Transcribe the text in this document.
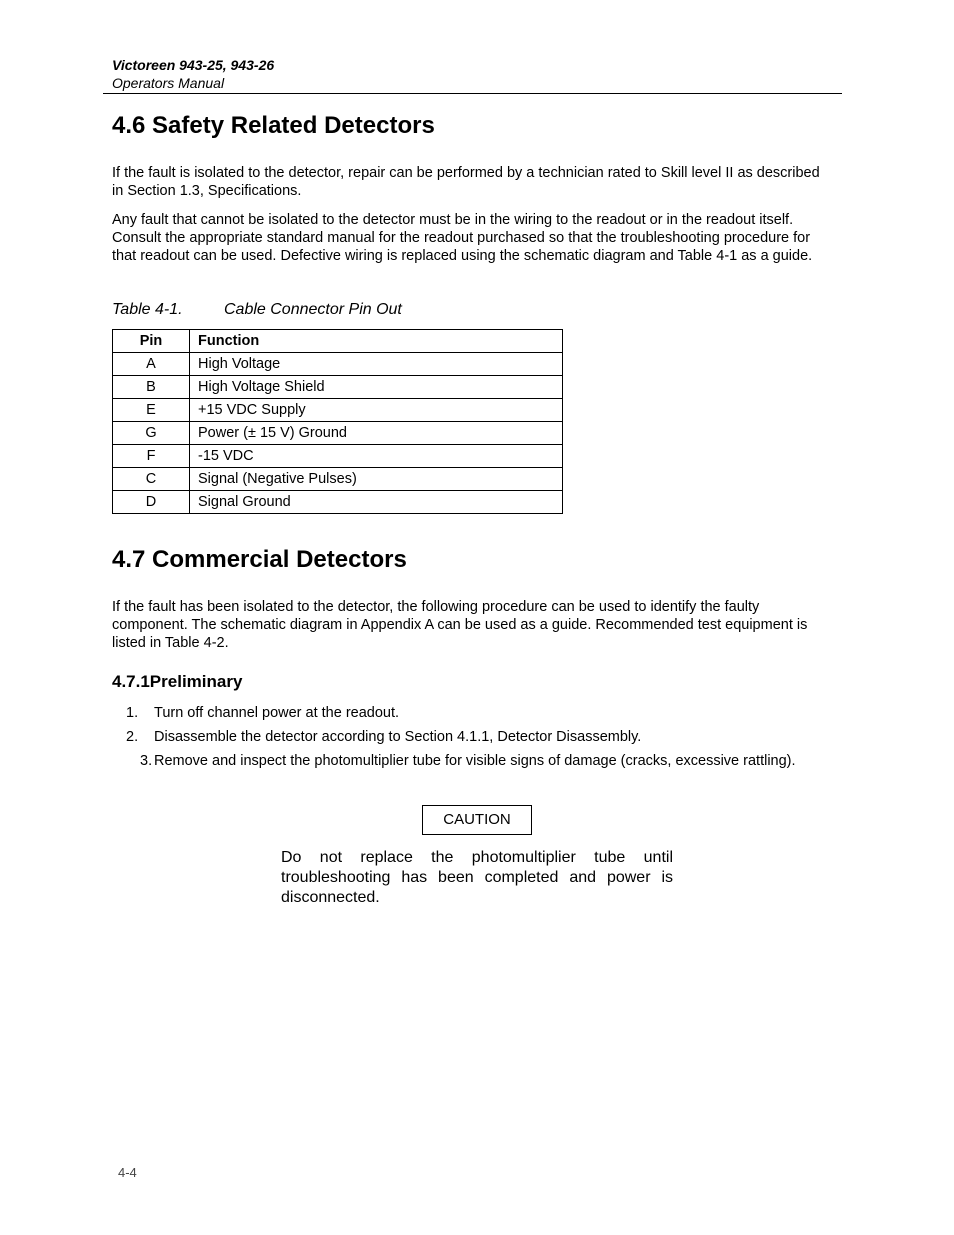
Victoreen 943-25, 943-26
Operators Manual
4.6 Safety Related Detectors
If the fault is isolated to the detector, repair can be performed by a technician rated to Skill level II as described in Section 1.3, Specifications.
Any fault that cannot be isolated to the detector must be in the wiring to the readout or in the readout itself. Consult the appropriate standard manual for the readout purchased so that the troubleshooting procedure for that readout can be used. Defective wiring is replaced using the schematic diagram and Table 4-1 as a guide.
Table 4-1.	Cable Connector Pin Out
Pin	Function
A	High Voltage
B	High Voltage Shield
E	+15 VDC Supply
G	Power (± 15 V) Ground
F	-15 VDC
C	Signal (Negative Pulses)
D	Signal Ground
4.7 Commercial Detectors
If the fault has been isolated to the detector, the following procedure can be used to identify the faulty component. The schematic diagram in Appendix A can be used as a guide. Recommended test equipment is listed in Table 4-2.
4.7.1Preliminary
1. Turn off channel power at the readout.
2. Disassemble the detector according to Section 4.1.1, Detector Disassembly.
3. Remove and inspect the photomultiplier tube for visible signs of damage (cracks, excessive rattling).
CAUTION
Do not replace the photomultiplier tube until troubleshooting has been completed and power is disconnected.
4-4
